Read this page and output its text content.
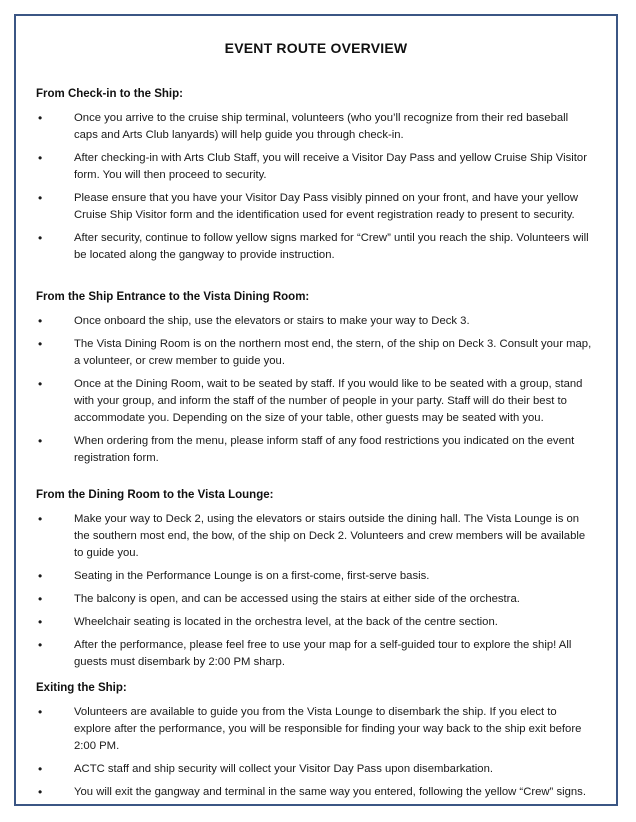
EVENT ROUTE OVERVIEW
From Check-in to the Ship:
•	Once you arrive to the cruise ship terminal, volunteers (who you’ll recognize from their red baseball caps and Arts Club lanyards) will help guide you through check-in.
•	After checking-in with Arts Club Staff, you will receive a Visitor Day Pass and yellow Cruise Ship Visitor form. You will then proceed to security.
•	Please ensure that you have your Visitor Day Pass visibly pinned on your front, and have your yellow Cruise Ship Visitor form and the identification used for event registration ready to present to security.
•	After security, continue to follow yellow signs marked for “Crew” until you reach the ship. Volunteers will be located along the gangway to provide instruction.
From the Ship Entrance to the Vista Dining Room:
•	Once onboard the ship, use the elevators or stairs to make your way to Deck 3.
•	The Vista Dining Room is on the northern most end, the stern, of the ship on Deck 3. Consult your map, a volunteer, or crew member to guide you.
•	Once at the Dining Room, wait to be seated by staff. If you would like to be seated with a group, stand with your group, and inform the staff of the number of people in your party. Staff will do their best to accommodate you. Depending on the size of your table, other guests may be seated with you.
•	When ordering from the menu, please inform staff of any food restrictions you indicated on the event registration form.
From the Dining Room to the Vista Lounge:
•	Make your way to Deck 2, using the elevators or stairs outside the dining hall. The Vista Lounge is on the southern most end, the bow, of the ship on Deck 2. Volunteers and crew members will be available to guide you.
•	Seating in the Performance Lounge is on a first-come, first-serve basis.
•	The balcony is open, and can be accessed using the stairs at either side of the orchestra.
•	Wheelchair seating is located in the orchestra level, at the back of the centre section.
•	After the performance, please feel free to use your map for a self-guided tour to explore the ship! All guests must disembark by 2:00 PM sharp.
Exiting the Ship:
•	Volunteers are available to guide you from the Vista Lounge to disembark the ship. If you elect to explore after the performance, you will be responsible for finding your way back to the ship exit before 2:00 PM.
•	ACTC staff and ship security will collect your Visitor Day Pass upon disembarkation.
•	You will exit the gangway and terminal in the same way you entered, following the yellow “Crew” signs.
